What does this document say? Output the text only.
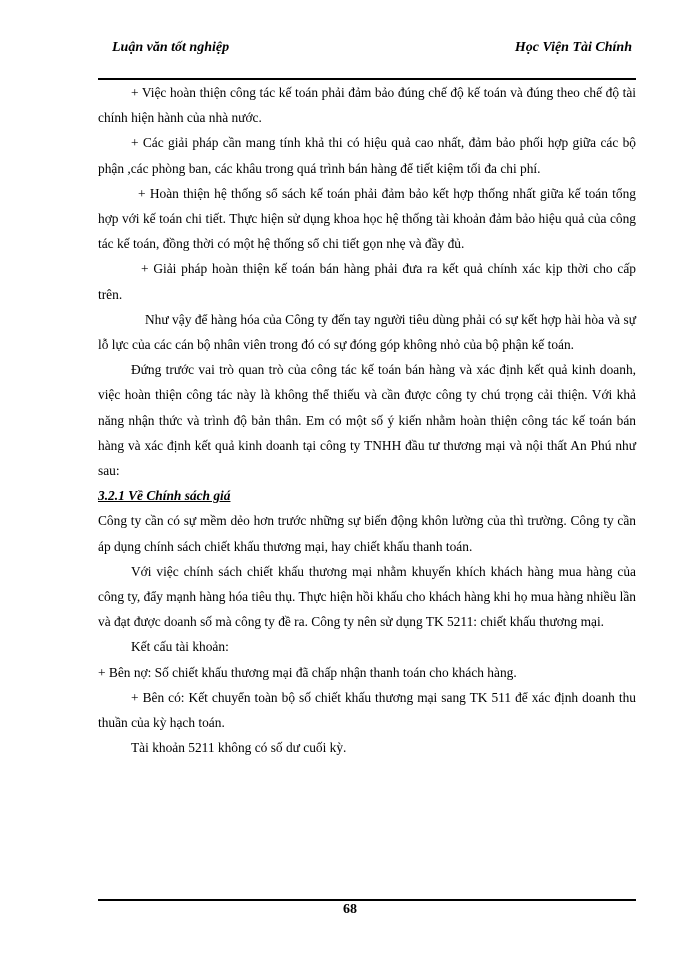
Luận văn tốt nghiệp	Học Viện Tài Chính

+ Việc hoàn thiện công tác kế toán phải đảm bảo đúng chế độ kế toán và đúng theo chế độ tài chính hiện hành của nhà nước.

+ Các giải pháp cần mang tính khả thi có hiệu quả cao nhất, đảm bảo phối hợp giữa các bộ phận ,các phòng ban, các khâu trong quá trình bán hàng để tiết kiệm tối đa chi phí.

+ Hoàn thiện hệ thống sổ sách kế toán phải đảm bảo kết hợp thống nhất giữa kế toán tổng hợp với kế toán chi tiết. Thực hiện sử dụng khoa học hệ thống tài khoản đảm bảo hiệu quả của công tác kế toán, đồng thời có một hệ thống sổ chi tiết gọn nhẹ và đầy đủ.

+ Giải pháp hoàn thiện kế toán bán hàng phải đưa ra kết quả chính xác kịp thời cho cấp trên.

Như vậy để hàng hóa của Công ty đến tay người tiêu dùng phải có sự kết hợp hài hòa và sự lỗ lực của các cán bộ nhân viên trong đó có sự đóng góp không nhỏ của bộ phận kế toán.

Đứng trước vai trò quan trò của công tác kế toán bán hàng và xác định kết quả kinh doanh, việc hoàn thiện công tác này là không thể thiếu và cần được công ty chú trọng cải thiện. Với khả năng nhận thức và trình độ bản thân. Em có một số ý kiến nhằm hoàn thiện công tác kế toán bán hàng và xác định kết quả kinh doanh tại công ty TNHH đầu tư thương mại và nội thất An Phú như sau:

3.2.1 Về Chính sách giá

Công ty cần có sự mềm dẻo hơn trước những sự biến động khôn lường của thì trường. Công ty cần áp dụng chính sách chiết khấu thương mại, hay chiết khấu thanh toán.

Với việc chính sách chiết khấu thương mại nhằm khuyến khích khách hàng mua hàng của công ty, đẩy mạnh hàng hóa tiêu thụ. Thực hiện hồi khấu cho khách hàng khi họ mua hàng nhiều lần và đạt được doanh số mà công ty đề ra. Công ty nên sử dụng TK 5211: chiết khấu thương mại.

Kết cấu tài khoản:

+ Bên nợ: Số chiết khấu thương mại đã chấp nhận thanh toán cho khách hàng.

+ Bên có: Kết chuyển toàn bộ số chiết khấu thương mại sang TK 511 để xác định doanh thu thuần của kỳ hạch toán.

Tài khoản 5211 không có số dư cuối kỳ.

68
